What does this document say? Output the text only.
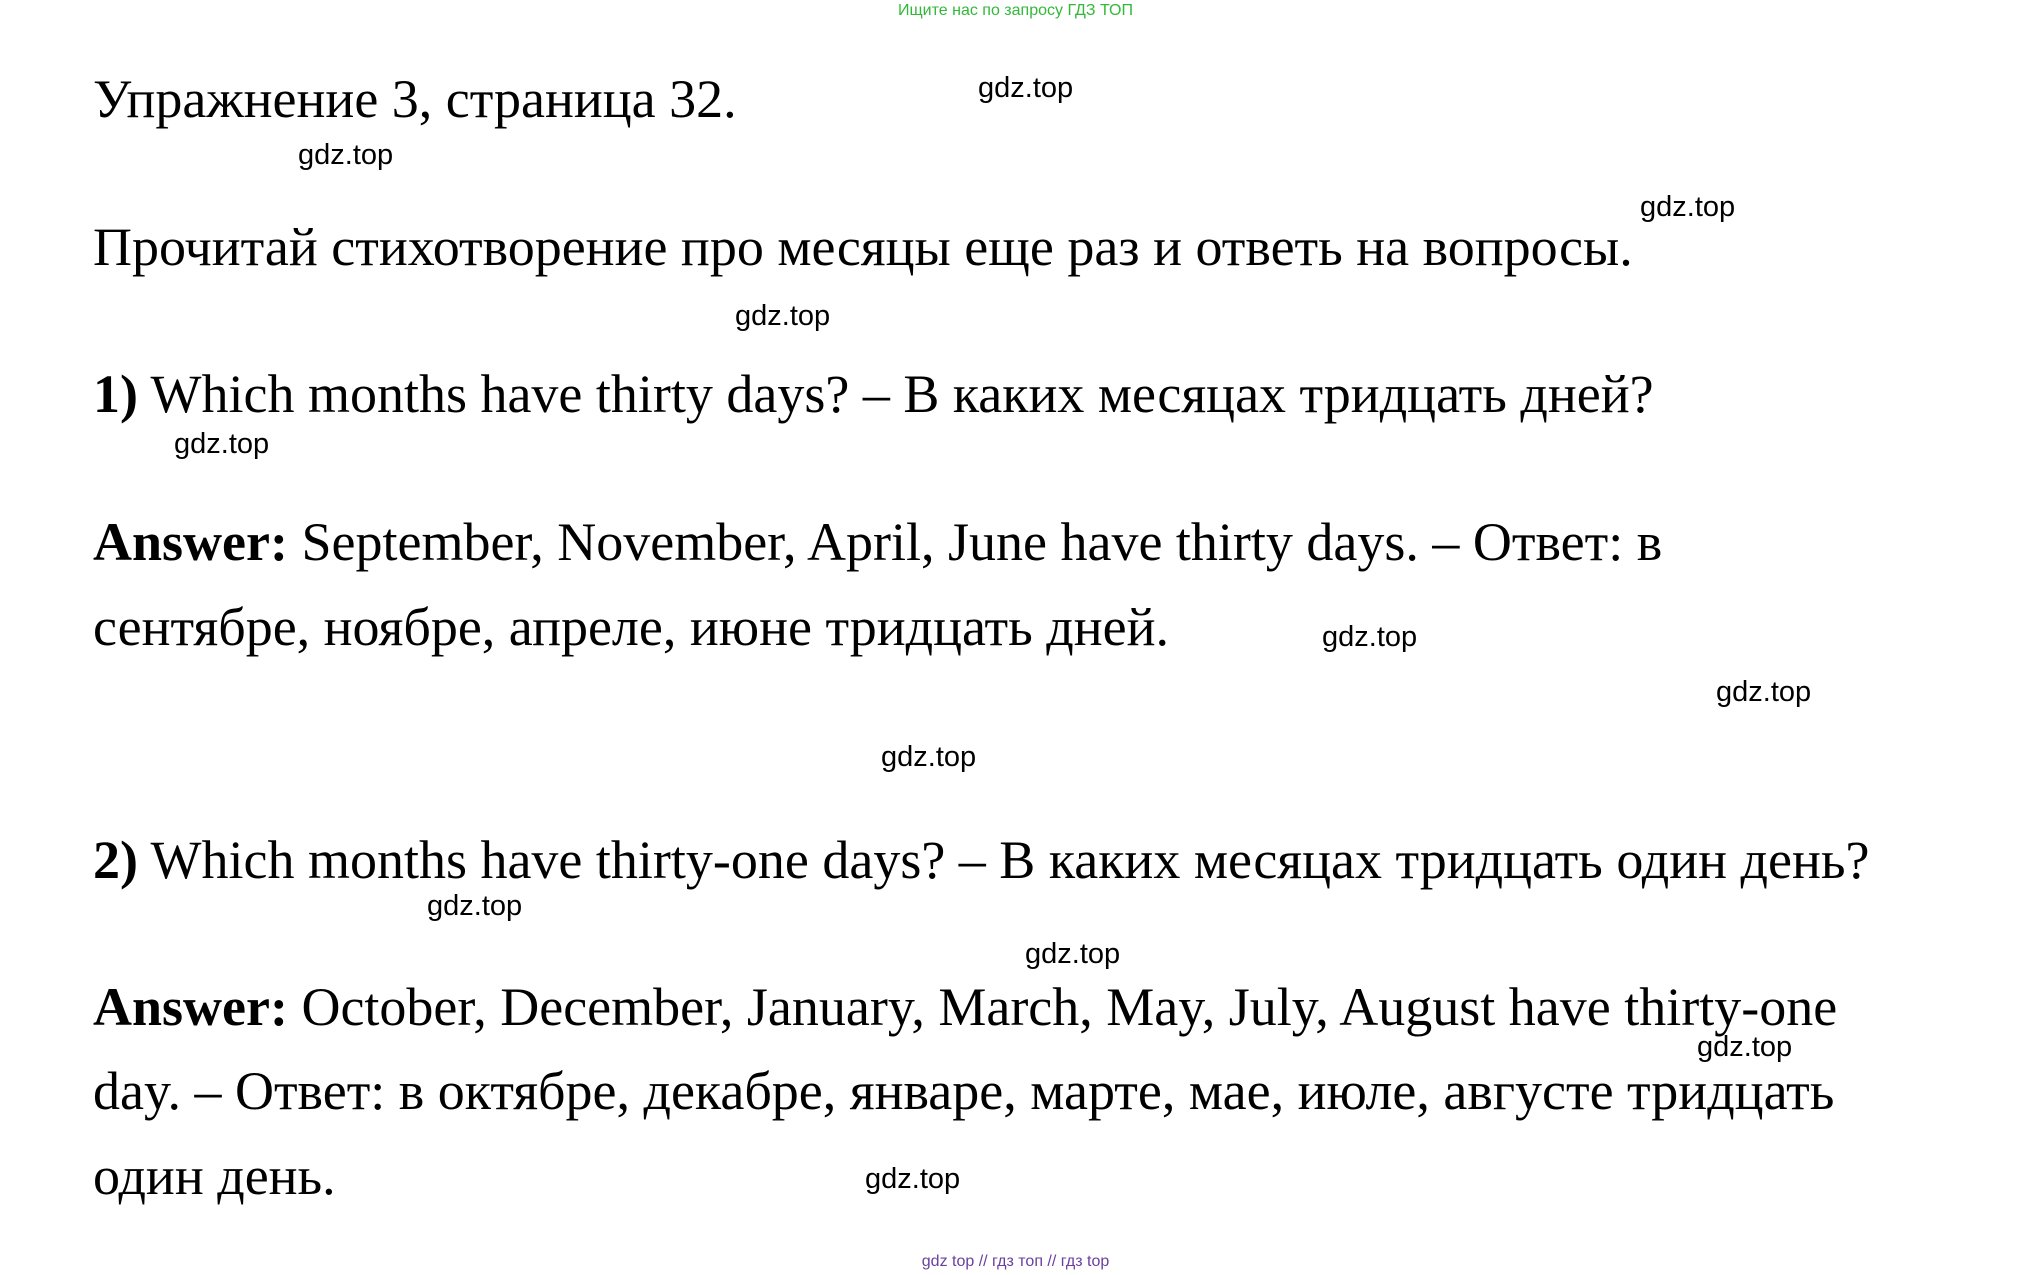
Ищите нас по запросу ГДЗ ТОП
Упражнение 3, страница 32.
Прочитай стихотворение про месяцы еще раз и ответь на вопросы.
1) Which months have thirty days? – В каких месяцах тридцать дней?
Answer: September, November, April, June have thirty days. – Ответ: в
сентябре, ноябре, апреле, июне тридцать дней.
2) Which months have thirty-one days? – В каких месяцах тридцать один день?
Answer: October, December, January, March, May, July, August have thirty-one
day. – Ответ: в октябре, декабре, январе, марте, мае, июле, августе тридцать
один день.
gdz.top
gdz.top
gdz.top
gdz.top
gdz.top
gdz.top
gdz.top
gdz.top
gdz.top
gdz.top
gdz.top
gdz.top
gdz top // гдз топ // гдз top
